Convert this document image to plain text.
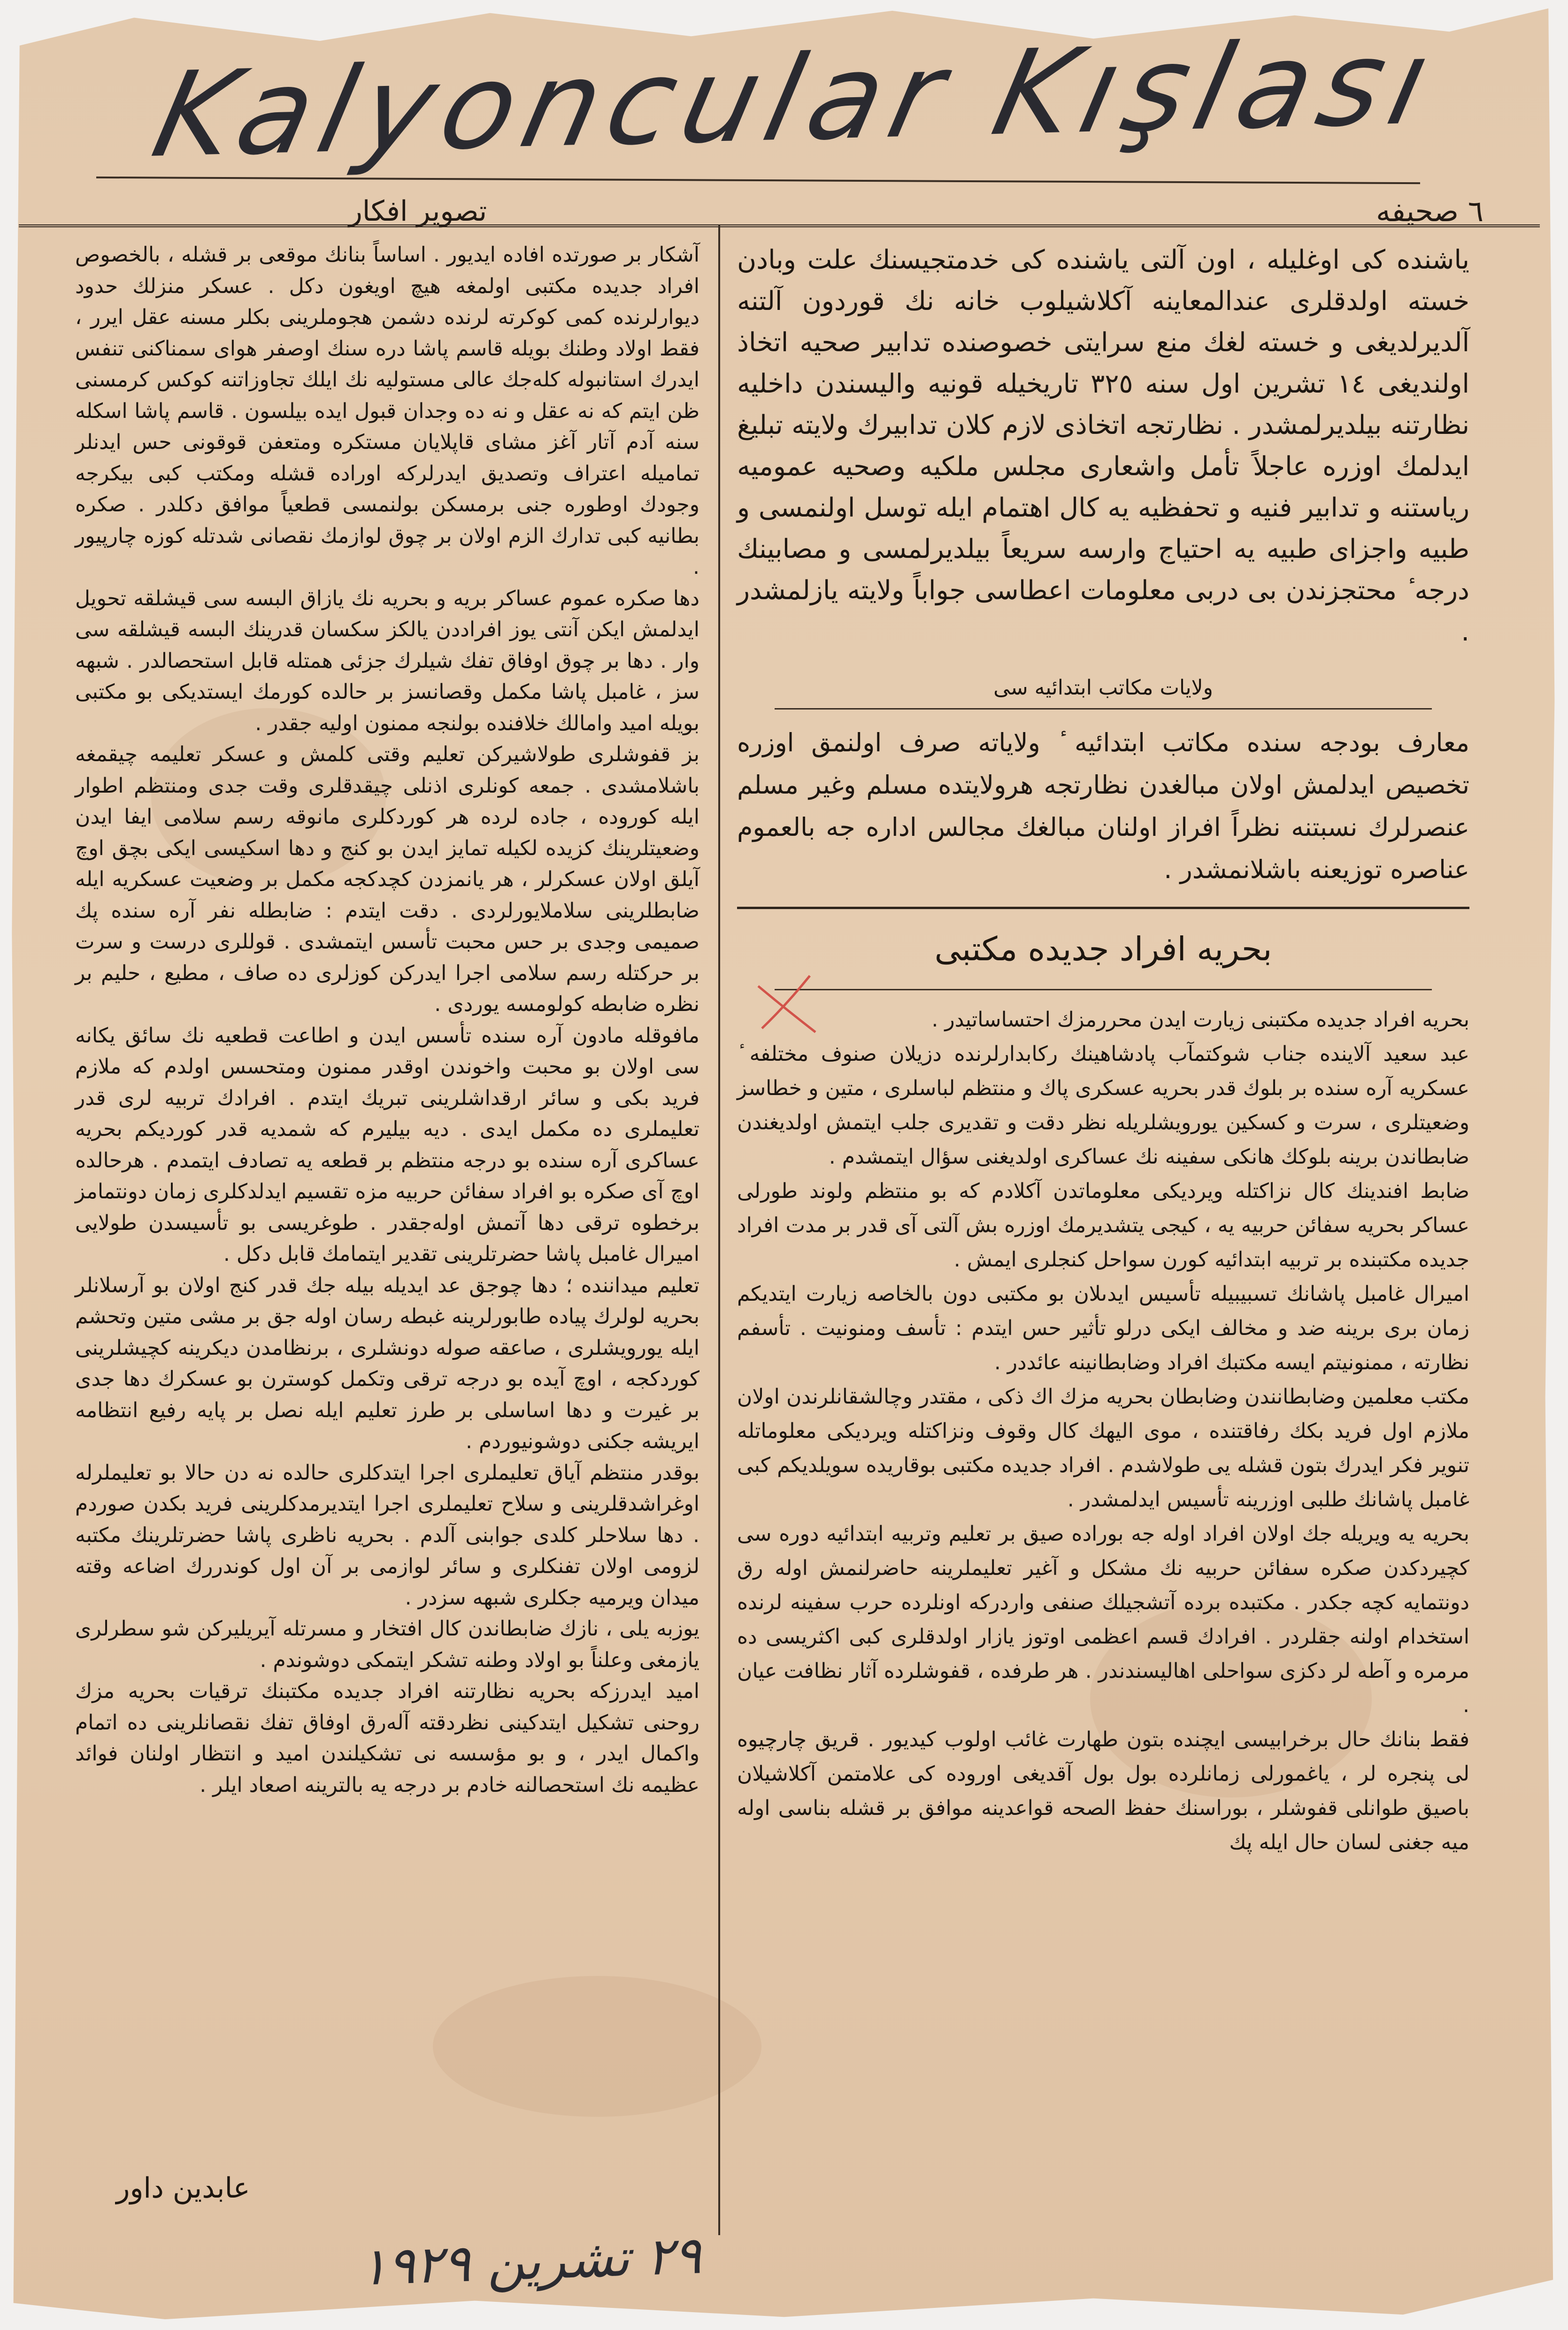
Kalyoncular Kışlası
تصوير افكار	٦ صحيفه

آشكار بر صورتده افاده ايديور . اساساً بنانك موقعى بر قشله ، بالخصوص افراد جديده مكتبى اولمغه هيچ اويغون دكل . عسكر منزلك حدود ديوارلرنده كمى كوكرته لرنده دشمن هجوملرينى بكلر مسنه عقل ايرر ، فقط اولاد وطنك بويله قاسم پاشا دره سنك اوصفر هواى سمناكنى تنفس ايدرك استانبوله كلەجك عالى مستوليه نك ايلك تجاوزاتنه كوكس كرمسنى ظن ايتم كه نه عقل و نه ده وجدان قبول ايده بيلسون . قاسم پاشا اسكله سنه آدم آتار آغز مشاى قاپلايان مستكره ومتعفن قوقونى حس ايدنلر تماميله اعتراف وتصديق ايدرلركه اوراده قشله ومكتب كبى بيكرجه وجودك اوطوره جنى برمسكن بولنمسى قطعياً موافق دكلدر . صكره بطانيه كبى تدارك الزم اولان بر چوق لوازمك نقصانى شدتله كوزه چارپيور .

دها صكره عموم عساكر بريه و بحريه نك يازاق البسه سى قيشلقه تحويل ايدلمش ايكن آنتى يوز افراددن يالكز سكسان قدرينك البسه قيشلقه سى وار . دها بر چوق اوفاق تفك شيلرك جزئى همتله قابل استحصالدر . شبهه سز ، غامبل پاشا مكمل وقصانسز بر حالده كورمك ايستديكى بو مكتبى بويله اميد وامالك خلافنده بولنجه ممنون اوليه جقدر .

بز قفوشلرى طولاشيركن تعليم وقتى كلمش و عسكر تعليمه چيقمغه باشلامشدى . جمعه كونلرى اذنلى چيقدقلرى وقت جدى ومنتظم اطوار ايله كوروده ، جاده لرده هر كوردكلرى مانوقه رسم سلامى ايفا ايدن وضعيتلرينك كزيده لكيله تمايز ايدن بو كنج و دها اسكيسى ايكى بچق اوچ آيلق اولان عسكرلر ، هر يانمزدن كچدكجه مكمل بر وضعيت عسكريه ايله ضابطلرينى سلاملايورلردى . دقت ايتدم : ضابطله نفر آره سنده پك صميمى وجدى بر حس محبت تأسس ايتمشدى . قوللرى درست و سرت بر حركتله رسم سلامى اجرا ايدركن كوزلرى ده صاف ، مطيع ، حليم بر نظره ضابطه كولومسه يوردى .

مافوقله مادون آره سنده تأسس ايدن و اطاعت قطعيه نك سائق يكانه سى اولان بو محبت واخوندن اوقدر ممنون ومتحسس اولدم كه ملازم فريد بكى و سائر ارقداشلرينى تبريك ايتدم . افرادك تربيه لرى قدر تعليملرى ده مكمل ايدى . ديه بيليرم كه شمديه قدر كورديكم بحريه عساكرى آره سنده بو درجه منتظم بر قطعه يه تصادف ايتمدم . هرحالده اوچ آى صكره بو افراد سفائن حربيه مزه تقسيم ايدلدكلرى زمان دونتمامز برخطوه ترقى دها آتمش اولەجقدر . طوغريسى بو تأسيسدن طولايى اميرال غامبل پاشا حضرتلرينى تقدير ايتمامك قابل دكل .

تعليم ميداننده ؛ دها چوجق عد ايديله بيله جك قدر كنج اولان بو آرسلانلر بحريه لولرك پياده طابورلرينه غبطه رسان اوله جق بر مشى متين وتحشم ايله يورويشلرى ، صاعقه صوله دونشلرى ، برنظامدن ديكرينه كچيشلرينى كوردكجه ، اوچ آيده بو درجه ترقى وتكمل كوسترن بو عسكرك دها جدى بر غيرت و دها اساسلى بر طرز تعليم ايله نصل بر پايه رفيع انتظامه ايريشه جكنى دوشونيوردم .

بوقدر منتظم آياق تعليملرى اجرا ايتدكلرى حالده نه دن حالا بو تعليملرله اوغراشدقلرينى و سلاح تعليملرى اجرا ايتديرمدكلرينى فريد بكدن صوردم . دها سلاحلر كلدى جوابنى آلدم . بحريه ناظرى پاشا حضرتلرينك مكتبه لزومى اولان تفنكلرى و سائر لوازمى بر آن اول كوندررك اضاعه وقته ميدان ويرميه جكلرى شبهه سزدر .

يوزبه يلى ، نازك ضابطاندن كال افتخار و مسرتله آيريليركن شو سطرلرى يازمغى وعلناً بو اولاد وطنه تشكر ايتمكى دوشوندم .

اميد ايدرزكه بحريه نظارتنه افراد جديده مكتبنك ترقيات بحريه مزك روحنى تشكيل ايتدكينى نظردقته آلەرق اوفاق تفك نقصانلرينى ده اتمام واكمال ايدر ، و بو مؤسسه نى تشكيلندن اميد و انتظار اولنان فوائد عظيمه نك استحصالنه خادم بر درجه يه بالترينه اصعاد ايلر .

ياشنده كى اوغليله ، اون آلتى ياشنده كى خدمتجيسنك علت وبادن خسته اولدقلرى عندالمعاينه آكلاشيلوب خانه نك قوردون آلتنه آلديرلديغى و خسته لغك منع سرايتى خصوصنده تدابير صحيه اتخاذ اولنديغى ١٤ تشرين اول سنه ٣٢٥ تاريخيله قونيه واليسندن داخليه نظارتنه بيلديرلمشدر . نظارتجه اتخاذى لازم كلان تدابيرك ولايته تبليغ ايدلمك اوزره عاجلاً تأمل واشعارى مجلس ملكيه وصحيه عموميه رياستنه و تدابير فنيه و تحفظيه يه كال اهتمام ايله توسل اولنمسى و طبيه واجزاى طبيه يه احتياج وارسه سريعاً بيلديرلمسى و مصابينك درجه ٔ محتجزندن بى دربى معلومات اعطاسى جواباً ولايته يازلمشدر .

ولايات مكاتب ابتدائيه سى

معارف بودجه سنده مكاتب ابتدائيه ٔ ولاياته صرف اولنمق اوزره تخصيص ايدلمش اولان مبالغدن نظارتجه هرولايتده مسلم وغير مسلم عنصرلرك نسبتنه نظراً افراز اولنان مبالغك مجالس اداره جه بالعموم عناصره توزيعنه باشلانمشدر .

بحريه افراد جديده مكتبى

بحريه افراد جديده مكتبنى زيارت ايدن محررمزك احتساساتيدر .

عبد سعيد آلاينده جناب شوكتمآب پادشاهينك ركابدارلرنده دزيلان صنوف مختلفه ٔ عسكريه آره سنده بر بلوك قدر بحريه عسكرى پاك و منتظم لباسلرى ، متين و خطاسز وضعيتلرى ، سرت و كسكين يورويشلريله نظر دقت و تقديرى جلب ايتمش اولديغندن ضابطاندن برينه بلوكك هانكى سفينه نك عساكرى اولديغنى سؤال ايتمشدم .

ضابط افندينك كال نزاكتله ويرديكى معلوماتدن آكلادم كه بو منتظم ولوند طورلى عساكر بحريه سفائن حربيه يه ، كيجى يتشديرمك اوزره بش آلتى آى قدر بر مدت افراد جديده مكتبنده بر تربيه ابتدائيه كورن سواحل كنجلرى ايمش .

اميرال غامبل پاشانك تسبيبيله تأسيس ايدىلان بو مكتبى دون بالخاصه زيارت ايتديكم زمان برى برينه ضد و مخالف ايكى درلو تأثير حس ايتدم : تأسف ومنونيت . تأسفم نظارته ، ممنونيتم ايسه مكتبك افراد وضابطانينه عائددر .

مكتب معلمين وضابطانندن وضابطان بحريه مزك اك ذكى ، مقتدر وچالشقانلرندن اولان ملازم اول فريد بكك رفاقتنده ، موى اليهك كال وقوف ونزاكتله ويرديكى معلوماتله تنوير فكر ايدرك بتون قشله يى طولاشدم . افراد جديده مكتبى بوقاريده سويلديكم كبى غامبل پاشانك طلبى اوزرينه تأسيس ايدلمشدر .

بحريه يه ويريله جك اولان افراد اوله جه بوراده صيق بر تعليم وتربيه ابتدائيه دوره سى كچيردكدن صكره سفائن حربيه نك مشكل و آغير تعليملرينه حاضرلنمش اوله رق دونتمايه كچه جكدر . مكتبده برده آتشجيلك صنفى واردركه اونلرده حرب سفينه لرنده استخدام اولنه جقلردر . افرادك قسم اعظمى اوتوز يازار اولدقلرى كبى اكثريسى ده مرمره و آطه لر دكزى سواحلى اهاليسندندر . هر طرفده ، قفوشلرده آثار نظافت عيان .

فقط بنانك حال برخرابيسى ايچنده بتون طهارت غائب اولوب كيديور . قريق چارچيوه لى پنجره لر ، ياغمورلى زمانلرده بول بول آقديغى اوروده كى علامتمن آكلاشيلان باصيق طوانلى قفوشلر ، بوراسنك حفظ الصحه قواعدينه موافق بر قشله بناسى اوله ميه جغنى لسان حال ايله پك

عابدين داور
٢٩ تشرين ١٩٢٩
